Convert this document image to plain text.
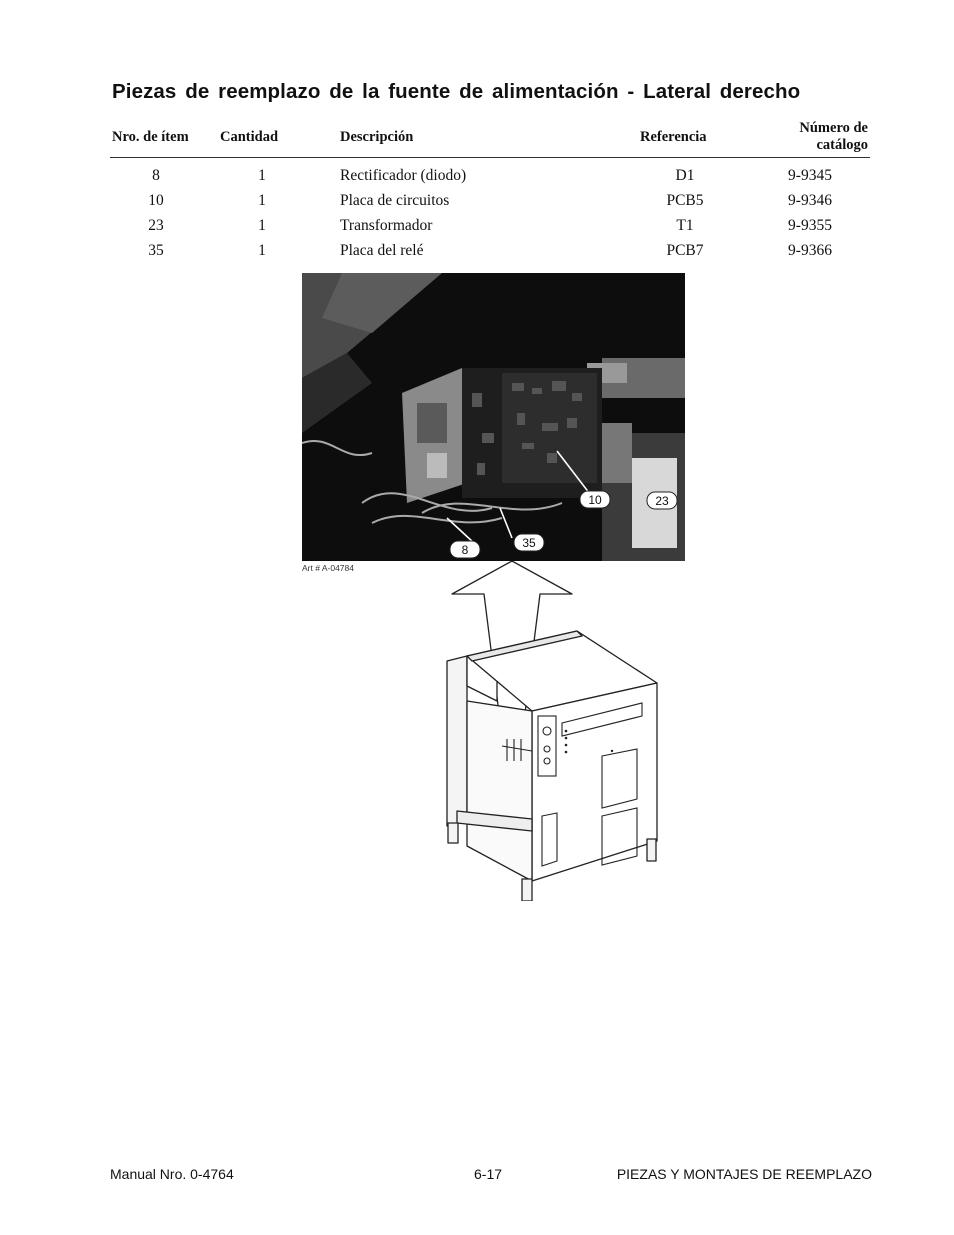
Piezas de reemplazo de la fuente de alimentación - Lateral derecho
Nro. de ítem	Cantidad	Descripción	Referencia	Número de catálogo
8	1	Rectificador (diodo)	D1	9-9345
10	1	Placa de circuitos	PCB5	9-9346
23	1	Transformador	T1	9-9355
35	1	Placa del relé	PCB7	9-9366
10	23
35
8
Art # A-04784
Manual Nro. 0-4764	6-17	PIEZAS Y MONTAJES DE REEMPLAZO
